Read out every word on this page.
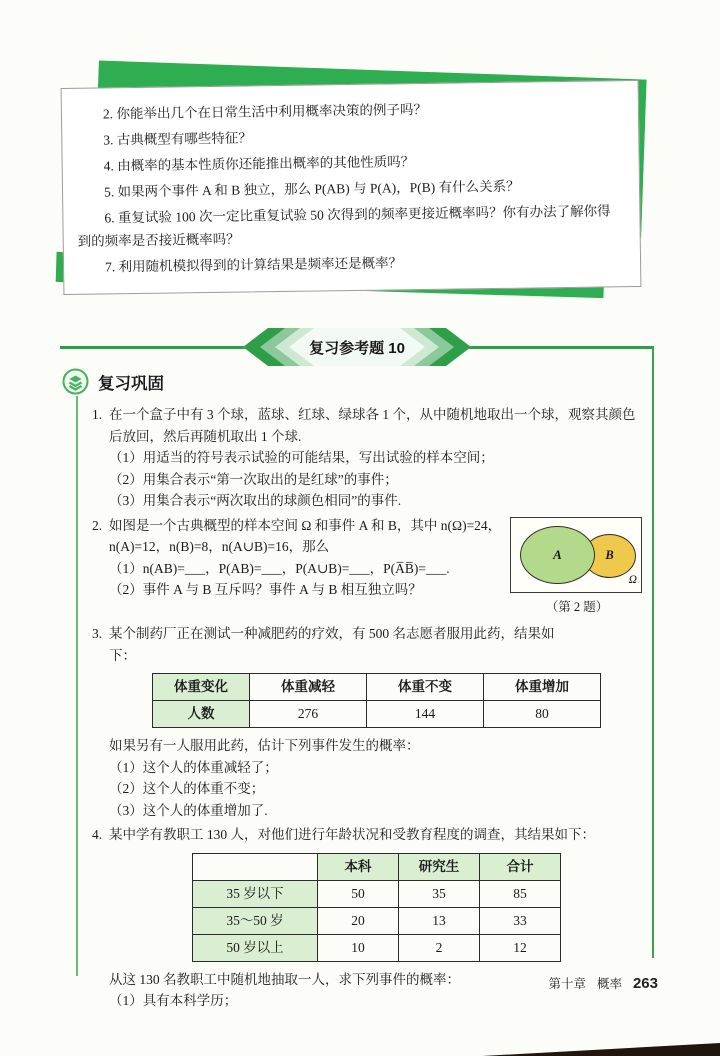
2. 你能举出几个在日常生活中利用概率决策的例子吗？

3. 古典概型有哪些特征？

4. 由概率的基本性质你还能推出概率的其他性质吗？

5. 如果两个事件 A 和 B 独立，那么 P(AB) 与 P(A)，P(B) 有什么关系？

6. 重复试验 100 次一定比重复试验 50 次得到的频率更接近概率吗？你有办法了解你得到的频率是否接近概率吗？

7. 利用随机模拟得到的计算结果是频率还是概率？

复习参考题 10
复习巩固
1. 在一个盒子中有 3 个球，蓝球、红球、绿球各 1 个，从中随机地取出一个球，观察其颜色后放回，然后再随机取出 1 个球.

（1）用适当的符号表示试验的可能结果，写出试验的样本空间；

（2）用集合表示“第一次取出的是红球”的事件；

（3）用集合表示“两次取出的球颜色相同”的事件.

B
A
Ω
（第 2 题）
2. 如图是一个古典概型的样本空间 Ω 和事件 A 和 B，其中 n(Ω)=24，n(A)=12，n(B)=8，n(A∪B)=16，那么

（1）n(AB)=___，P(AB)=___，P(A∪B)=___，P(A̅B̅)=___.

（2）事件 A 与 B 互斥吗？事件 A 与 B 相互独立吗？

3. 某个制药厂正在测试一种减肥药的疗效，有 500 名志愿者服用此药，结果如下：

体重变化	体重减轻	体重不变	体重增加
人数	276	144	80

如果另有一人服用此药，估计下列事件发生的概率：

（1）这个人的体重减轻了；

（2）这个人的体重不变；

（3）这个人的体重增加了.

4. 某中学有教职工 130 人，对他们进行年龄状况和受教育程度的调查，其结果如下：

	本科	研究生	合计
35 岁以下	50	35	85
35～50 岁	20	13	33
50 岁以上	10	2	12

从这 130 名教职工中随机地抽取一人，求下列事件的概率：

（1）具有本科学历；

第十章 概率 263
